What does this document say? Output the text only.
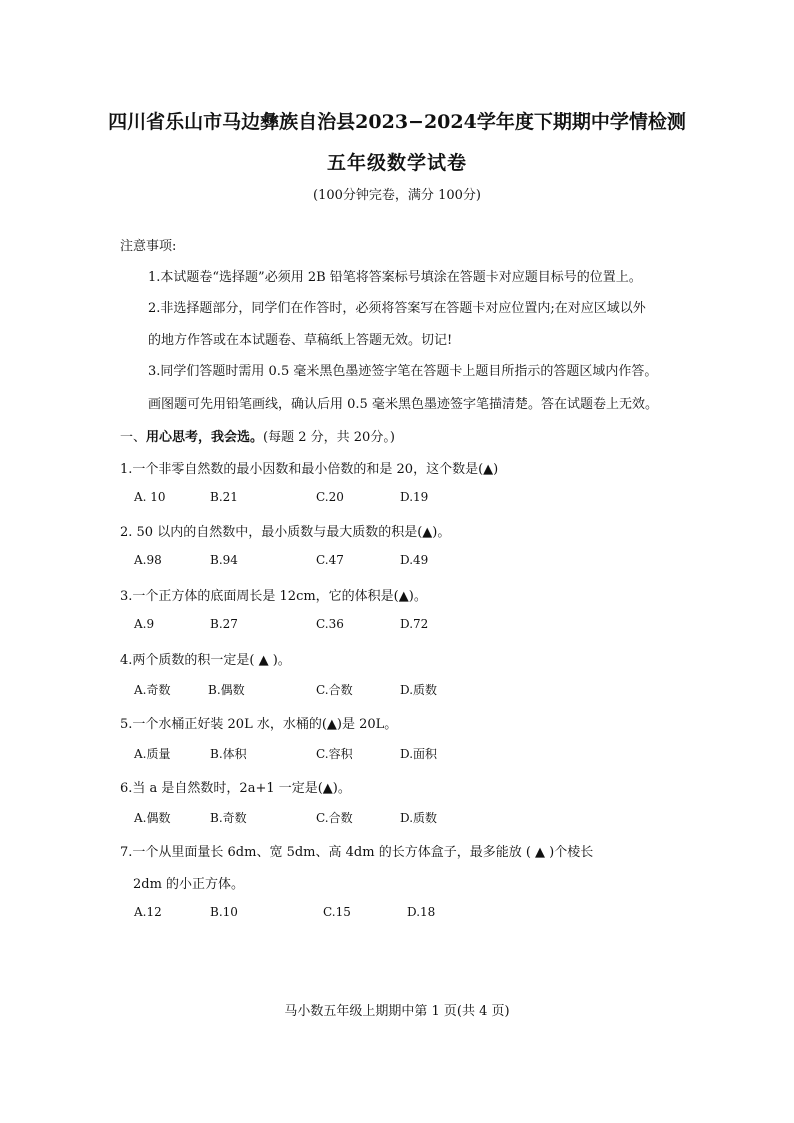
四川省乐山市马边彝族自治县2023−2024学年度下期期中学情检测
五年级数学试卷
(100分钟完卷，满分 100分)
注意事项:
1.本试题卷“选择题”必须用 2B 铅笔将答案标号填涂在答题卡对应题目标号的位置上。
2.非选择题部分，同学们在作答时，必须将答案写在答题卡对应位置内;在对应区域以外
的地方作答或在本试题卷、草稿纸上答题无效。切记!
3.同学们答题时需用 0.5 毫米黑色墨迹签字笔在答题卡上题目所指示的答题区域内作答。
画图题可先用铅笔画线，确认后用 0.5 毫米黑色墨迹签字笔描清楚。答在试题卷上无效。
一、用心思考，我会选。(每题 2 分，共 20分。)
1.一个非零自然数的最小因数和最小倍数的和是 20，这个数是(▲)
A. 10	B.21	C.20	D.19
2. 50 以内的自然数中，最小质数与最大质数的积是(▲)。
A.98	B.94	C.47	D.49
3.一个正方体的底面周长是 12cm，它的体积是(▲)。
A.9	B.27	C.36	D.72
4.两个质数的积一定是( ▲ )。
A.奇数	B.偶数	C.合数	D.质数
5.一个水桶正好装 20L 水，水桶的(▲)是 20L。
A.质量	B.体积	C.容积	D.面积
6.当 a 是自然数时，2a+1 一定是(▲)。
A.偶数	B.奇数	C.合数	D.质数
7.一个从里面量长 6dm、宽 5dm、高 4dm 的长方体盒子，最多能放 ( ▲ )个棱长
2dm 的小正方体。
A.12	B.10	C.15	D.18
马小数五年级上期期中第 1 页(共 4 页)
